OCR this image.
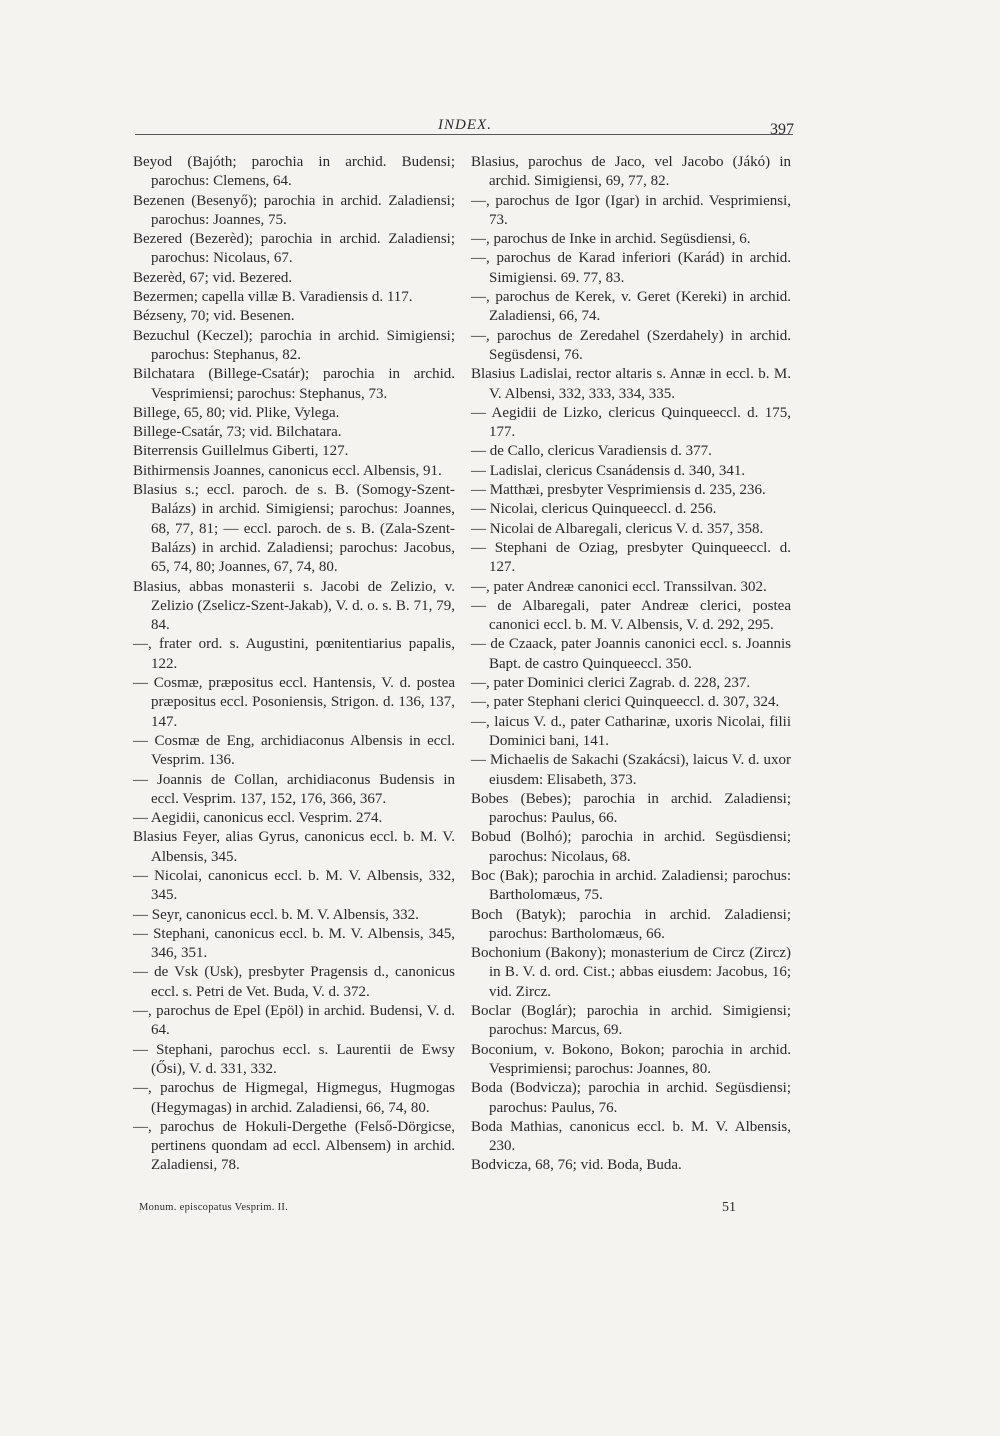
INDEX.	397

Beyod (Bajóth; parochia in archid. Budensi; parochus: Clemens, 64.

Bezenen (Besenyő); parochia in archid. Zaladiensi; parochus: Joannes, 75.

Bezered (Bezerèd); parochia in archid. Zaladiensi; parochus: Nicolaus, 67.

Bezerèd, 67; vid. Bezered.

Bezermen; capella villæ B. Varadiensis d. 117.

Bézseny, 70; vid. Besenen.

Bezuchul (Keczel); parochia in archid. Simigiensi; parochus: Stephanus, 82.

Bilchatara (Billege-Csatár); parochia in archid. Vesprimiensi; parochus: Stephanus, 73.

Billege, 65, 80; vid. Plike, Vylega.

Billege-Csatár, 73; vid. Bilchatara.

Biterrensis Guillelmus Giberti, 127.

Bithirmensis Joannes, canonicus eccl. Albensis, 91.

Blasius s.; eccl. paroch. de s. B. (Somogy-Szent-Balázs) in archid. Simigiensi; parochus: Joannes, 68, 77, 81; — eccl. paroch. de s. B. (Zala-Szent-Balázs) in archid. Zaladiensi; parochus: Jacobus, 65, 74, 80; Joannes, 67, 74, 80.

Blasius, abbas monasterii s. Jacobi de Zelizio, v. Zelizio (Zselicz-Szent-Jakab), V. d. o. s. B. 71, 79, 84.

—, frater ord. s. Augustini, pœnitentiarius papalis, 122.

— Cosmæ, præpositus eccl. Hantensis, V. d. postea præpositus eccl. Posoniensis, Strigon. d. 136, 137, 147.

— Cosmæ de Eng, archidiaconus Albensis in eccl. Vesprim. 136.

— Joannis de Collan, archidiaconus Budensis in eccl. Vesprim. 137, 152, 176, 366, 367.

— Aegidii, canonicus eccl. Vesprim. 274.

Blasius Feyer, alias Gyrus, canonicus eccl. b. M. V. Albensis, 345.

— Nicolai, canonicus eccl. b. M. V. Albensis, 332, 345.

— Seyr, canonicus eccl. b. M. V. Albensis, 332.

— Stephani, canonicus eccl. b. M. V. Albensis, 345, 346, 351.

— de Vsk (Usk), presbyter Pragensis d., canonicus eccl. s. Petri de Vet. Buda, V. d. 372.

—, parochus de Epel (Epöl) in archid. Budensi, V. d. 64.

— Stephani, parochus eccl. s. Laurentii de Ewsy (Ősi), V. d. 331, 332.

—, parochus de Higmegal, Higmegus, Hugmogas (Hegymagas) in archid. Zaladiensi, 66, 74, 80.

—, parochus de Hokuli-Dergethe (Felső-Dörgicse, pertinens quondam ad eccl. Albensem) in archid. Zaladiensi, 78.

Blasius, parochus de Jaco, vel Jacobo (Jákó) in archid. Simigiensi, 69, 77, 82.

—, parochus de Igor (Igar) in archid. Vesprimiensi, 73.

—, parochus de Inke in archid. Següsdiensi, 6.

—, parochus de Karad inferiori (Karád) in archid. Simigiensi. 69. 77, 83.

—, parochus de Kerek, v. Geret (Kereki) in archid. Zaladiensi, 66, 74.

—, parochus de Zeredahel (Szerdahely) in archid. Següsdensi, 76.

Blasius Ladislai, rector altaris s. Annæ in eccl. b. M. V. Albensi, 332, 333, 334, 335.

— Aegidii de Lizko, clericus Quinqueeccl. d. 175, 177.

— de Callo, clericus Varadiensis d. 377.

— Ladislai, clericus Csanádensis d. 340, 341.

— Matthæi, presbyter Vesprimiensis d. 235, 236.

— Nicolai, clericus Quinqueeccl. d. 256.

— Nicolai de Albaregali, clericus V. d. 357, 358.

— Stephani de Oziag, presbyter Quinqueeccl. d. 127.

—, pater Andreæ canonici eccl. Transsilvan. 302.

— de Albaregali, pater Andreæ clerici, postea canonici eccl. b. M. V. Albensis, V. d. 292, 295.

— de Czaack, pater Joannis canonici eccl. s. Joannis Bapt. de castro Quinqueeccl. 350.

—, pater Dominici clerici Zagrab. d. 228, 237.

—, pater Stephani clerici Quinqueeccl. d. 307, 324.

—, laicus V. d., pater Catharinæ, uxoris Nicolai, filii Dominici bani, 141.

— Michaelis de Sakachi (Szakácsi), laicus V. d. uxor eiusdem: Elisabeth, 373.

Bobes (Bebes); parochia in archid. Zaladiensi; parochus: Paulus, 66.

Bobud (Bolhó); parochia in archid. Següsdiensi; parochus: Nicolaus, 68.

Boc (Bak); parochia in archid. Zaladiensi; parochus: Bartholomæus, 75.

Boch (Batyk); parochia in archid. Zaladiensi; parochus: Bartholomæus, 66.

Bochonium (Bakony); monasterium de Circz (Zircz) in B. V. d. ord. Cist.; abbas eiusdem: Jacobus, 16; vid. Zircz.

Boclar (Boglár); parochia in archid. Simigiensi; parochus: Marcus, 69.

Boconium, v. Bokono, Bokon; parochia in archid. Vesprimiensi; parochus: Joannes, 80.

Boda (Bodvicza); parochia in archid. Següsdiensi; parochus: Paulus, 76.

Boda Mathias, canonicus eccl. b. M. V. Albensis, 230.

Bodvicza, 68, 76; vid. Boda, Buda.

Monum. episcopatus Vesprim. II.	51
